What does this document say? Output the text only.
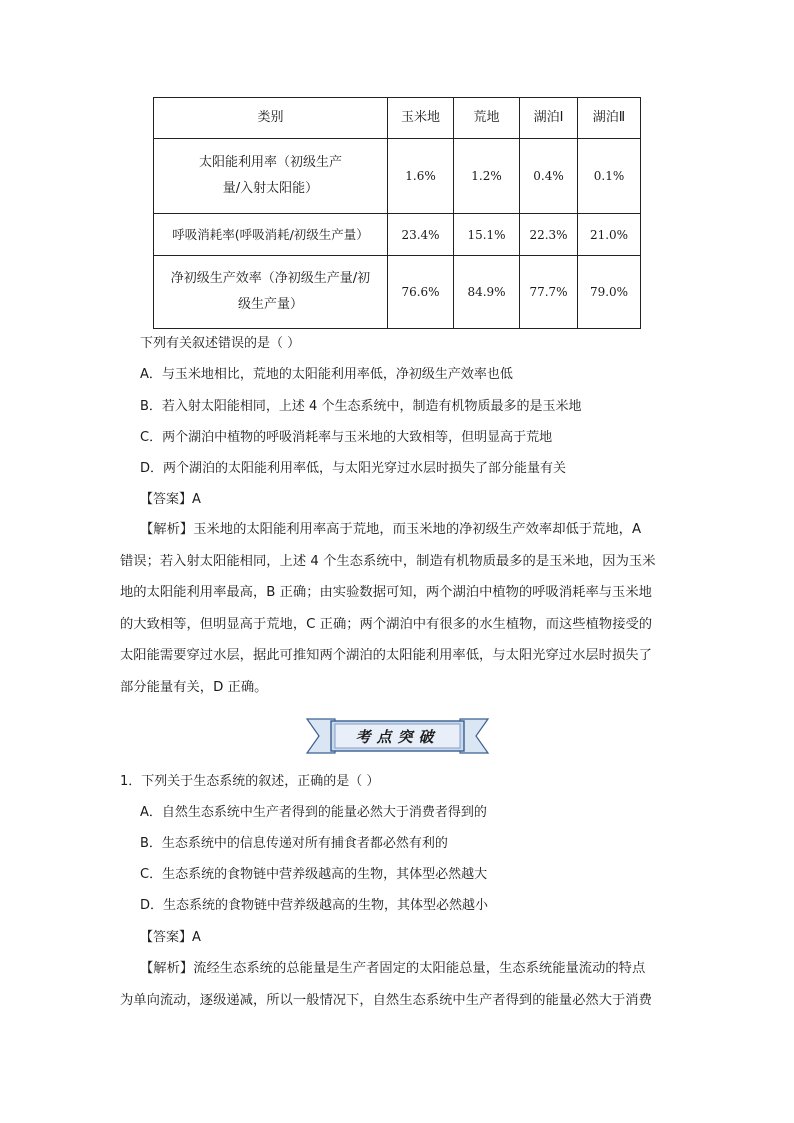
类别	玉米地	荒地	湖泊Ⅰ	湖泊Ⅱ
太阳能利用率（初级生产
量/入射太阳能）	1.6%	1.2%	0.4%	0.1%
呼吸消耗率(呼吸消耗/初级生产量）	23.4%	15.1%	22.3%	21.0%
净初级生产效率（净初级生产量/初
级生产量）	76.6%	84.9%	77.7%	79.0%
下列有关叙述错误的是（ ）
A．与玉米地相比，荒地的太阳能利用率低，净初级生产效率也低
B．若入射太阳能相同，上述 4 个生态系统中，制造有机物质最多的是玉米地
C．两个湖泊中植物的呼吸消耗率与玉米地的大致相等，但明显高于荒地
D．两个湖泊的太阳能利用率低，与太阳光穿过水层时损失了部分能量有关
【答案】A
【解析】玉米地的太阳能利用率高于荒地，而玉米地的净初级生产效率却低于荒地，A
错误；若入射太阳能相同，上述 4 个生态系统中，制造有机物质最多的是玉米地，因为玉米
地的太阳能利用率最高，B 正确；由实验数据可知，两个湖泊中植物的呼吸消耗率与玉米地
的大致相等，但明显高于荒地，C 正确；两个湖泊中有很多的水生植物，而这些植物接受的
太阳能需要穿过水层，据此可推知两个湖泊的太阳能利用率低，与太阳光穿过水层时损失了
部分能量有关，D 正确。
考点突破
1．下列关于生态系统的叙述，正确的是（ ）
A．自然生态系统中生产者得到的能量必然大于消费者得到的
B．生态系统中的信息传递对所有捕食者都必然有利的
C．生态系统的食物链中营养级越高的生物，其体型必然越大
D．生态系统的食物链中营养级越高的生物，其体型必然越小
【答案】A
【解析】流经生态系统的总能量是生产者固定的太阳能总量，生态系统能量流动的特点
为单向流动，逐级递减，所以一般情况下，自然生态系统中生产者得到的能量必然大于消费
